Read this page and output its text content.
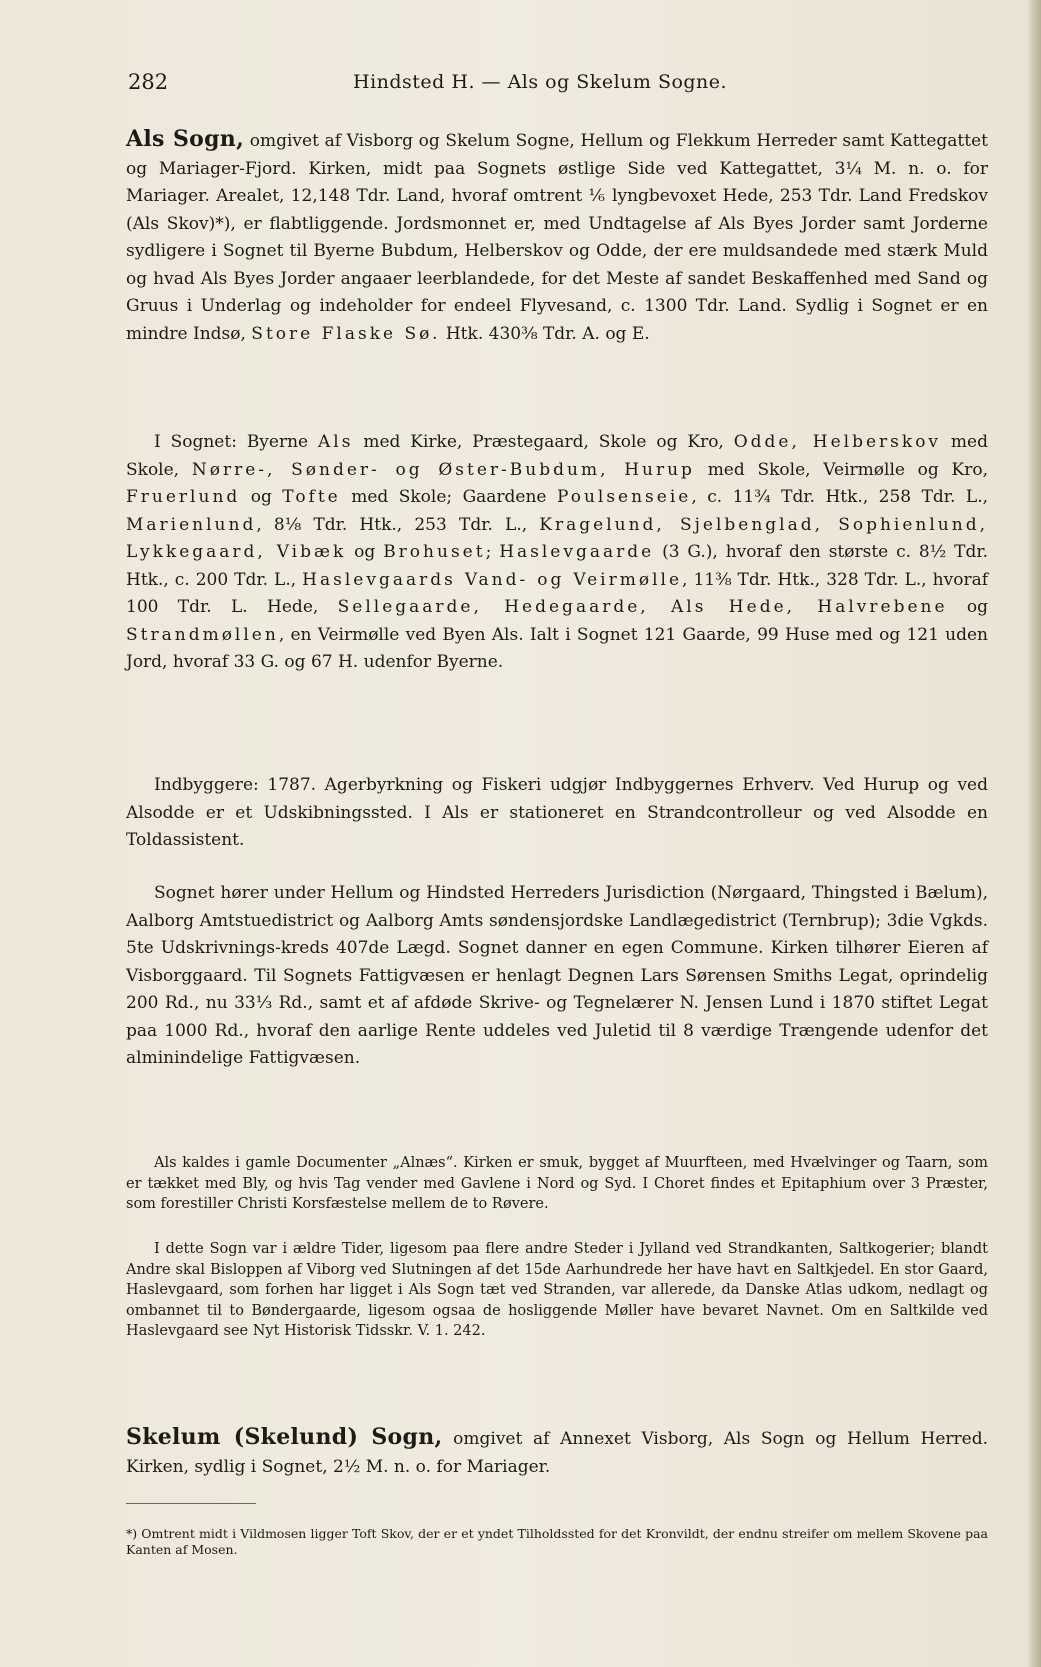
282	Hindsted H. — Als og Skelum Sogne.

Als Sogn, omgivet af Visborg og Skelum Sogne, Hellum og Flekkum Herreder samt Kattegattet og Mariager-Fjord. Kirken, midt paa Sognets østlige Side ved Kattegattet, 3¼ M. n. o. for Mariager. Arealet, 12,148 Tdr. Land, hvoraf omtrent ⅙ lyngbevoxet Hede, 253 Tdr. Land Fredskov (Als Skov)*), er flabtliggende. Jordsmonnet er, med Undtagelse af Als Byes Jorder samt Jorderne sydligere i Sognet til Byerne Bubdum, Helberskov og Odde, der ere muldsandede med stærk Muld og hvad Als Byes Jorder angaaer leerblandede, for det Meste af sandet Beskaffenhed med Sand og Gruus i Underlag og indeholder for endeel Flyvesand, c. 1300 Tdr. Land. Sydlig i Sognet er en mindre Indsø, Store Flaske Sø. Htk. 430⅜ Tdr. A. og E.

I Sognet: Byerne Als med Kirke, Præstegaard, Skole og Kro, Odde, Helberskov med Skole, Nørre-, Sønder- og Øster-Bubdum, Hurup med Skole, Veirmølle og Kro, Fruerlund og Tofte med Skole; Gaardene Poulsenseie, c. 11¾ Tdr. Htk., 258 Tdr. L., Marienlund, 8⅛ Tdr. Htk., 253 Tdr. L., Kragelund, Sjelbenglad, Sophienlund, Lykkegaard, Vibæk og Brohuset; Haslevgaarde (3 G.), hvoraf den største c. 8½ Tdr. Htk., c. 200 Tdr. L., Haslevgaards Vand- og Veirmølle, 11⅜ Tdr. Htk., 328 Tdr. L., hvoraf 100 Tdr. L. Hede, Sellegaarde, Hedegaarde, Als Hede, Halvrebene og Strandmøllen, en Veirmølle ved Byen Als. Ialt i Sognet 121 Gaarde, 99 Huse med og 121 uden Jord, hvoraf 33 G. og 67 H. udenfor Byerne.

Indbyggere: 1787. Agerbyrkning og Fiskeri udgjør Indbyggernes Erhverv. Ved Hurup og ved Alsodde er et Udskibningssted. I Als er stationeret en Strandcontrolleur og ved Alsodde en Toldassistent.

Sognet hører under Hellum og Hindsted Herreders Jurisdiction (Nørgaard, Thingsted i Bælum), Aalborg Amtstuedistrict og Aalborg Amts søndensjordske Landlægedistrict (Ternbrup); 3die Vgkds. 5te Udskrivnings-kreds 407de Lægd. Sognet danner en egen Commune. Kirken tilhører Eieren af Visborggaard. Til Sognets Fattigvæsen er henlagt Degnen Lars Sørensen Smiths Legat, oprindelig 200 Rd., nu 33⅓ Rd., samt et af afdøde Skrive- og Tegnelærer N. Jensen Lund i 1870 stiftet Legat paa 1000 Rd., hvoraf den aarlige Rente uddeles ved Juletid til 8 værdige Trængende udenfor det alminindelige Fattigvæsen.

Als kaldes i gamle Documenter „Alnæs“. Kirken er smuk, bygget af Muurfteen, med Hvælvinger og Taarn, som er tækket med Bly, og hvis Tag vender med Gavlene i Nord og Syd. I Choret findes et Epitaphium over 3 Præster, som forestiller Christi Korsfæstelse mellem de to Røvere.

I dette Sogn var i ældre Tider, ligesom paa flere andre Steder i Jylland ved Strandkanten, Saltkogerier; blandt Andre skal Bisloppen af Viborg ved Slutningen af det 15de Aarhundrede her have havt en Saltkjedel. En stor Gaard, Haslevgaard, som forhen har ligget i Als Sogn tæt ved Stranden, var allerede, da Danske Atlas udkom, nedlagt og ombannet til to Bøndergaarde, ligesom ogsaa de hosliggende Møller have bevaret Navnet. Om en Saltkilde ved Haslevgaard see Nyt Historisk Tidsskr. V. 1. 242.

Skelum (Skelund) Sogn, omgivet af Annexet Visborg, Als Sogn og Hellum Herred. Kirken, sydlig i Sognet, 2½ M. n. o. for Mariager.

*) Omtrent midt i Vildmosen ligger Toft Skov, der er et yndet Tilholdssted for det Kronvildt, der endnu streifer om mellem Skovene paa Kanten af Mosen.
